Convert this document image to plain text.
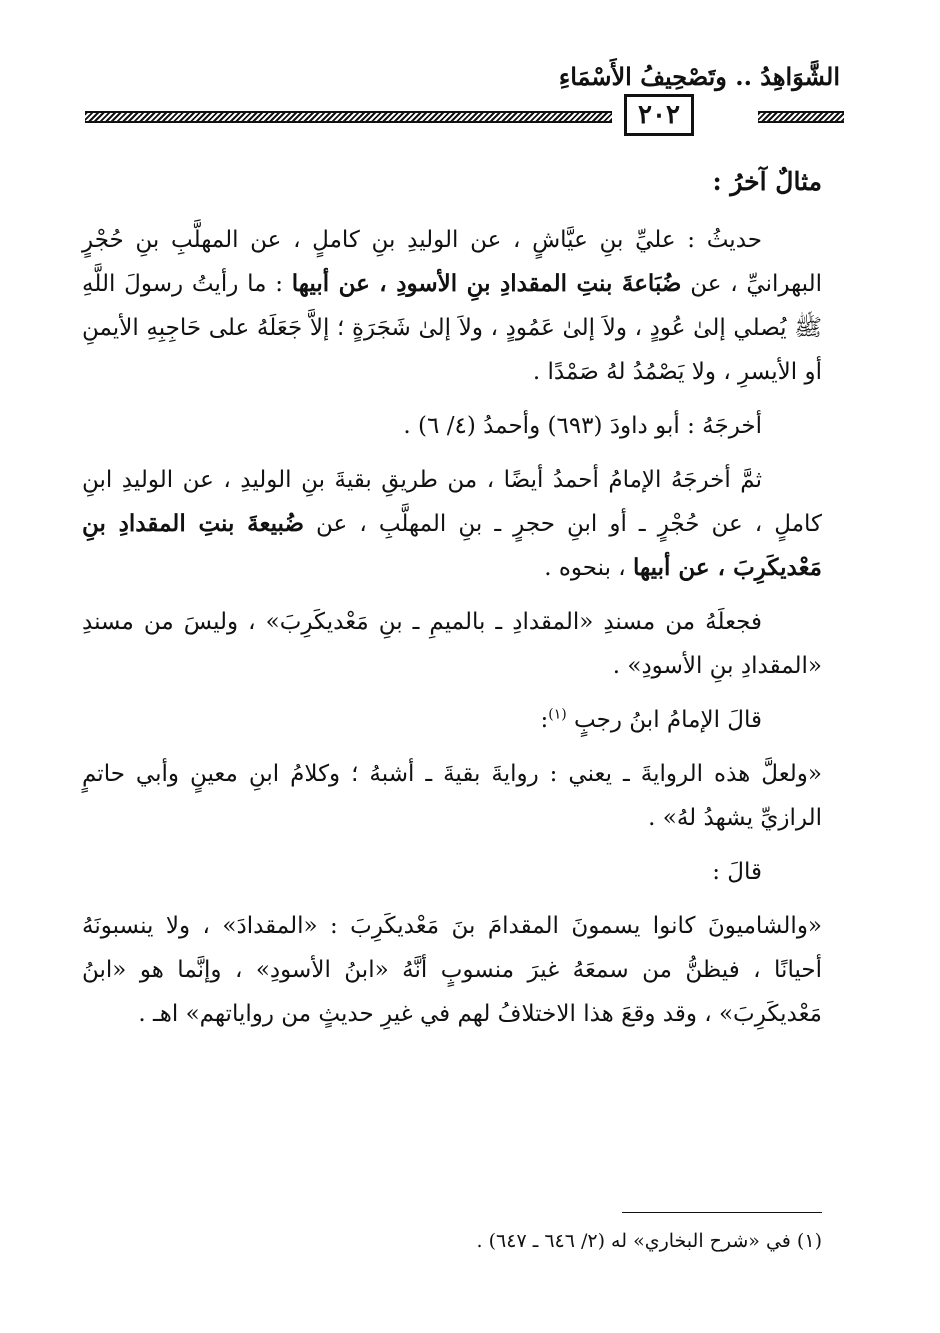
الشَّوَاهِدُ .. وتَصْحِيفُ الأَسْمَاءِ
٢٠٢
مثالٌ آخرُ :

حديثُ : عليِّ بنِ عيَّاشٍ ، عن الوليدِ بنِ كاملٍ ، عن المهلَّبِ بنِ حُجْرٍ البهرانيِّ ، عن ضُبَاعةَ بنتِ المقدادِ بنِ الأسودِ ، عن أبيها : ما رأيتُ رسولَ اللَّهِ ﷺ يُصلي إلىٰ عُودٍ ، ولاَ إلىٰ عَمُودٍ ، ولاَ إلىٰ شَجَرَةٍ ؛ إلاَّ جَعَلَهُ على حَاجِبِهِ الأيمنِ أو الأيسرِ ، ولا يَصْمُدُ لهُ صَمْدًا .

أخرجَهُ : أبو داودَ (٦٩٣) وأحمدُ (٤/ ٦) .

ثمَّ أخرجَهُ الإمامُ أحمدُ أيضًا ، من طريقِ بقيةَ بنِ الوليدِ ، عن الوليدِ ابنِ كاملٍ ، عن حُجْرٍ ـ أو ابنِ حجرٍ ـ بنِ المهلَّبِ ، عن ضُبيعةَ بنتِ المقدادِ بنِ مَعْديكَرِبَ ، عن أبيها ، بنحوه .

فجعلَهُ من مسندِ «المقدادِ ـ بالميمِ ـ بنِ مَعْديكَرِبَ» ، وليسَ من مسندِ «المقدادِ بنِ الأسودِ» .

قالَ الإمامُ ابنُ رجبٍ $^{(١)}$:

«ولعلَّ هذه الروايةَ ـ يعني : روايةَ بقيةَ ـ أشبهُ ؛ وكلامُ ابنِ معينٍ وأبي حاتمٍ الرازيِّ يشهدُ لهُ» .

قالَ :

«والشاميونَ كانوا يسمونَ المقدامَ بنَ مَعْديكَرِبَ : «المقدادَ» ، ولا ينسبونَهُ أحيانًا ، فيظنُّ من سمعَهُ غيرَ منسوبٍ أنَّهُ «ابنُ الأسودِ» ، وإنَّما هو «ابنُ مَعْديكَرِبَ» ، وقد وقعَ هذا الاختلافُ لهم في غيرِ حديثٍ من رواياتهم» اهـ .

(١) في «شرح البخاري» له (٢/ ٦٤٦ ـ ٦٤٧) .
